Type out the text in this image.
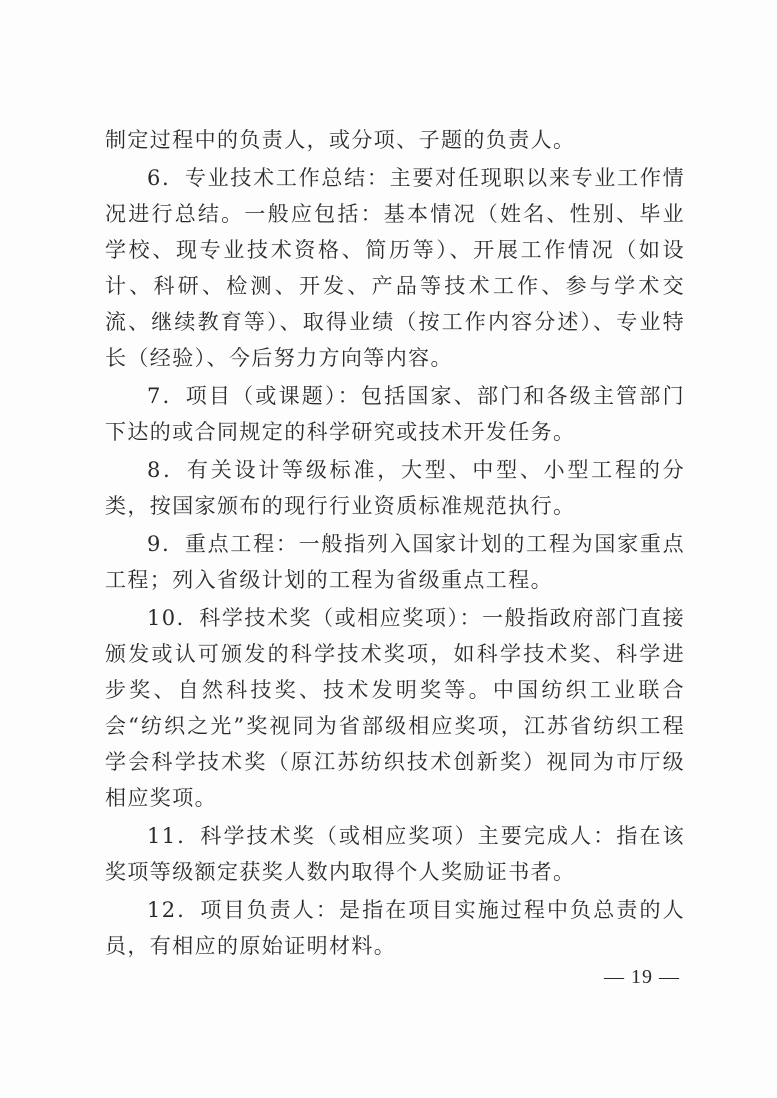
制定过程中的负责人，或分项、子题的负责人。

6．专业技术工作总结：主要对任现职以来专业工作情况进行总结。一般应包括：基本情况（姓名、性别、毕业学校、现专业技术资格、简历等）、开展工作情况（如设计、科研、检测、开发、产品等技术工作、参与学术交流、继续教育等）、取得业绩（按工作内容分述）、专业特长（经验）、今后努力方向等内容。

7．项目（或课题）：包括国家、部门和各级主管部门下达的或合同规定的科学研究或技术开发任务。

8．有关设计等级标准，大型、中型、小型工程的分类，按国家颁布的现行行业资质标准规范执行。

9．重点工程：一般指列入国家计划的工程为国家重点工程；列入省级计划的工程为省级重点工程。

10．科学技术奖（或相应奖项）：一般指政府部门直接颁发或认可颁发的科学技术奖项，如科学技术奖、科学进步奖、自然科技奖、技术发明奖等。中国纺织工业联合会“纺织之光”奖视同为省部级相应奖项，江苏省纺织工程学会科学技术奖（原江苏纺织技术创新奖）视同为市厅级相应奖项。

11．科学技术奖（或相应奖项）主要完成人：指在该奖项等级额定获奖人数内取得个人奖励证书者。

12．项目负责人：是指在项目实施过程中负总责的人员，有相应的原始证明材料。

— 19 —
